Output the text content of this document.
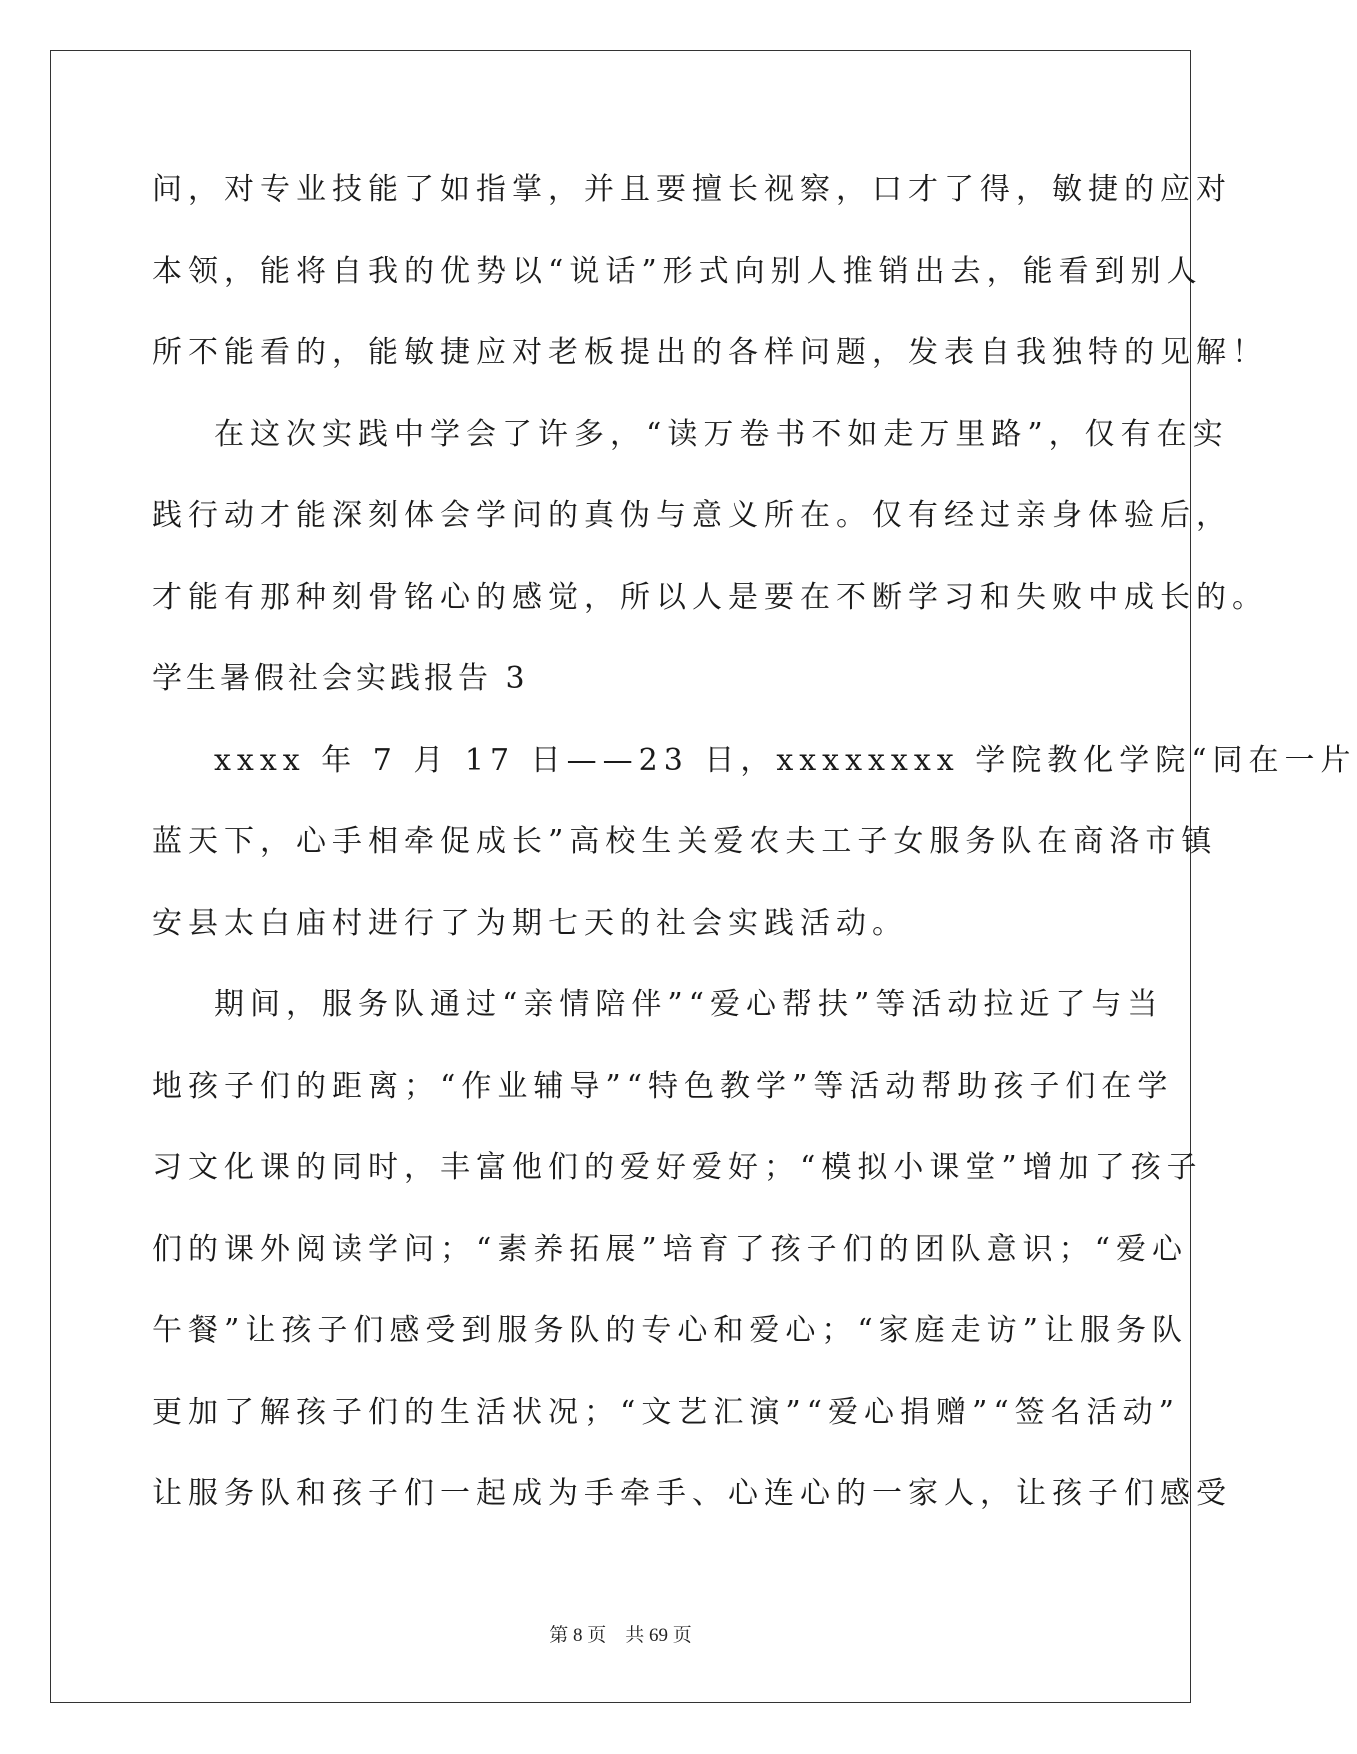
问，对专业技能了如指掌，并且要擅长视察，口才了得，敏捷的应对
本领，能将自我的优势以“说话”形式向别人推销出去，能看到别人
所不能看的，能敏捷应对老板提出的各样问题，发表自我独特的见解！
在这次实践中学会了许多，“读万卷书不如走万里路”，仅有在实
践行动才能深刻体会学问的真伪与意义所在。仅有经过亲身体验后，
才能有那种刻骨铭心的感觉，所以人是要在不断学习和失败中成长的。
学生暑假社会实践报告 3
xxxx 年 7 月 17 日——23 日，xxxxxxxx 学院教化学院“同在一片
蓝天下，心手相牵促成长”高校生关爱农夫工子女服务队在商洛市镇
安县太白庙村进行了为期七天的社会实践活动。
期间，服务队通过“亲情陪伴”“爱心帮扶”等活动拉近了与当
地孩子们的距离；“作业辅导”“特色教学”等活动帮助孩子们在学
习文化课的同时，丰富他们的爱好爱好；“模拟小课堂”增加了孩子
们的课外阅读学问；“素养拓展”培育了孩子们的团队意识；“爱心
午餐”让孩子们感受到服务队的专心和爱心；“家庭走访”让服务队
更加了解孩子们的生活状况；“文艺汇演”“爱心捐赠”“签名活动”
让服务队和孩子们一起成为手牵手、心连心的一家人，让孩子们感受
第 8 页 共 69 页
